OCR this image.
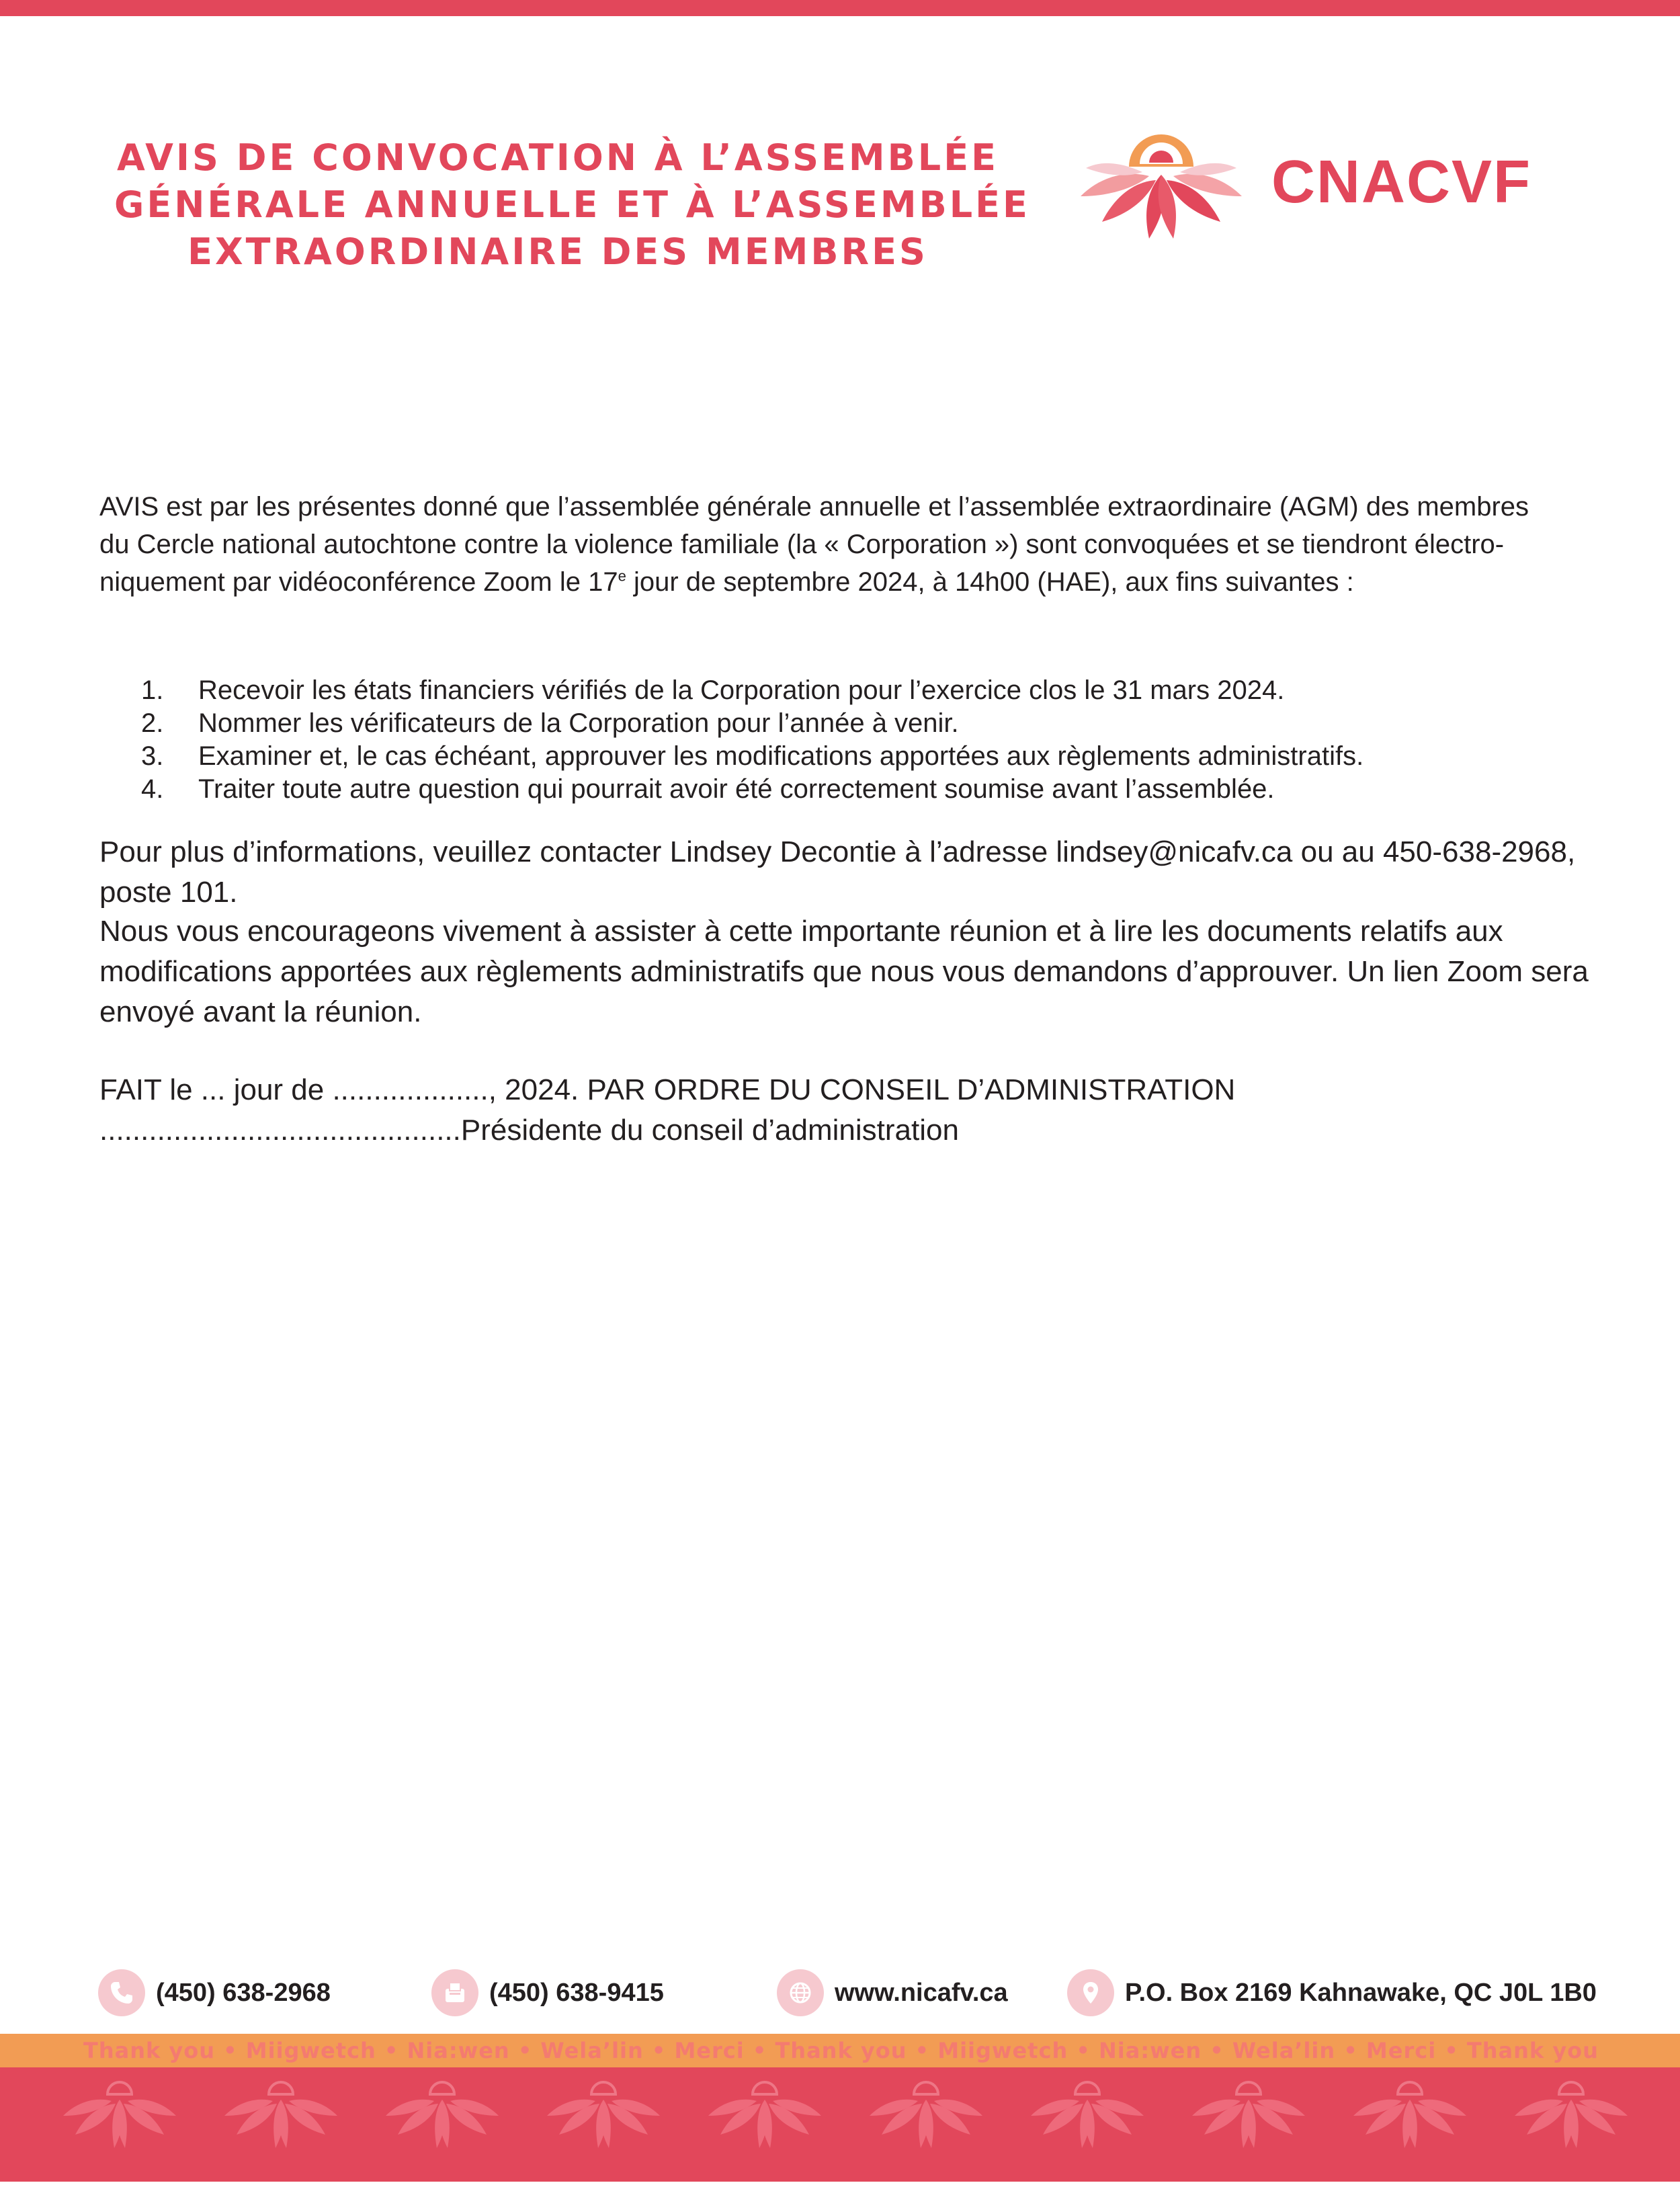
AVIS DE CONVOCATION À L’ASSEMBLÉE
GÉNÉRALE ANNUELLE ET À L’ASSEMBLÉE
EXTRAORDINAIRE DES MEMBRES
CNACVF
AVIS est par les présentes donné que l’assemblée générale annuelle et l’assemblée extraordinaire (AGM) des membres
du Cercle national autochtone contre la violence familiale (la « Corporation ») sont convoquées et se tiendront électro-
niquement par vidéoconférence Zoom le 17e jour de septembre 2024, à 14h00 (HAE), aux fins suivantes :
1. Recevoir les états financiers vérifiés de la Corporation pour l’exercice clos le 31 mars 2024.
2. Nommer les vérificateurs de la Corporation pour l’année à venir.
3. Examiner et, le cas échéant, approuver les modifications apportées aux règlements administratifs.
4. Traiter toute autre question qui pourrait avoir été correctement soumise avant l’assemblée.
Pour plus d’informations, veuillez contacter Lindsey Decontie à l’adresse lindsey@nicafv.ca ou au 450-638-2968, poste 101.
Nous vous encourageons vivement à assister à cette importante réunion et à lire les documents relatifs aux modifications apportées aux règlements administratifs que nous vous demandons d’approuver. Un lien Zoom sera envoyé avant la réunion.
FAIT le ... jour de ..................., 2024. PAR ORDRE DU CONSEIL D’ADMINISTRATION
............................................Présidente du conseil d’administration
(450) 638-2968	(450) 638-9415	www.nicafv.ca	P.O. Box 2169 Kahnawake, QC J0L 1B0
Thank you • Miigwetch • Nia:wen • Wela’lin • Merci • Thank you • Miigwetch • Nia:wen • Wela’lin • Merci • Thank you
